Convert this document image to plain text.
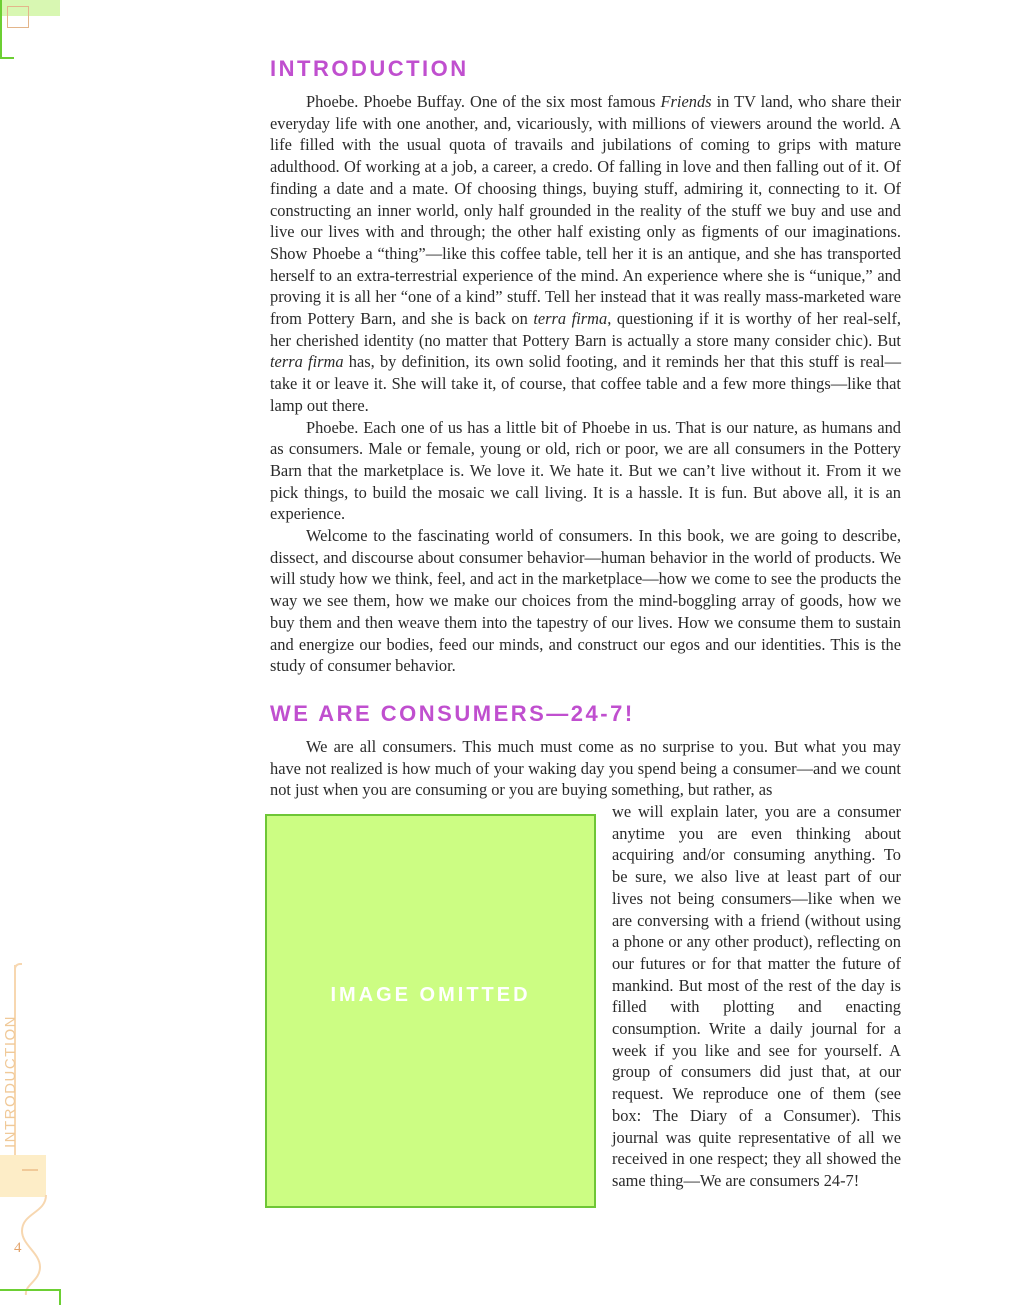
INTRODUCTION

Phoebe. Phoebe Buffay. One of the six most famous Friends in TV land, who share their everyday life with one another, and, vicariously, with millions of viewers around the world. A life filled with the usual quota of travails and jubilations of coming to grips with mature adulthood. Of working at a job, a career, a credo. Of falling in love and then falling out of it. Of finding a date and a mate. Of choosing things, buying stuff, admiring it, connecting to it. Of constructing an inner world, only half grounded in the reality of the stuff we buy and use and live our lives with and through; the other half existing only as figments of our imaginations. Show Phoebe a “thing”—like this coffee table, tell her it is an antique, and she has transported herself to an extra-terrestrial experience of the mind. An experience where she is “unique,” and proving it is all her “one of a kind” stuff. Tell her instead that it was really mass-marketed ware from Pottery Barn, and she is back on terra firma, questioning if it is worthy of her real-self, her cherished identity (no matter that Pottery Barn is actually a store many consider chic). But terra firma has, by definition, its own solid footing, and it reminds her that this stuff is real—take it or leave it. She will take it, of course, that coffee table and a few more things—like that lamp out there.

Phoebe. Each one of us has a little bit of Phoebe in us. That is our nature, as humans and as consumers. Male or female, young or old, rich or poor, we are all consumers in the Pottery Barn that the marketplace is. We love it. We hate it. But we can’t live without it. From it we pick things, to build the mosaic we call living. It is a hassle. It is fun. But above all, it is an experience.

Welcome to the fascinating world of consumers. In this book, we are going to describe, dissect, and discourse about consumer behavior—human behavior in the world of products. We will study how we think, feel, and act in the marketplace—how we come to see the products the way we see them, how we make our choices from the mind-boggling array of goods, how we buy them and then weave them into the tapestry of our lives. How we consume them to sustain and energize our bodies, feed our minds, and construct our egos and our identities. This is the study of consumer behavior.

WE ARE CONSUMERS—24-7!

We are all consumers. This much must come as no surprise to you. But what you may have not realized is how much of your waking day you spend being a consumer—and we count not just when you are consuming or you are buying something, but rather, as

IMAGE OMITTED

we will explain later, you are a consumer anytime you are even thinking about acquiring and/or consuming anything. To be sure, we also live at least part of our lives not being consumers—like when we are conversing with a friend (without using a phone or any other product), reflecting on our futures or for that matter the future of mankind. But most of the rest of the day is filled with plotting and enacting consumption. Write a daily journal for a week if you like and see for yourself. A group of consumers did just that, at our request. We reproduce one of them (see box: The Diary of a Consumer). This journal was quite representative of all we received in one respect; they all showed the same thing—We are consumers 24-7!

INTRODUCTION
4
